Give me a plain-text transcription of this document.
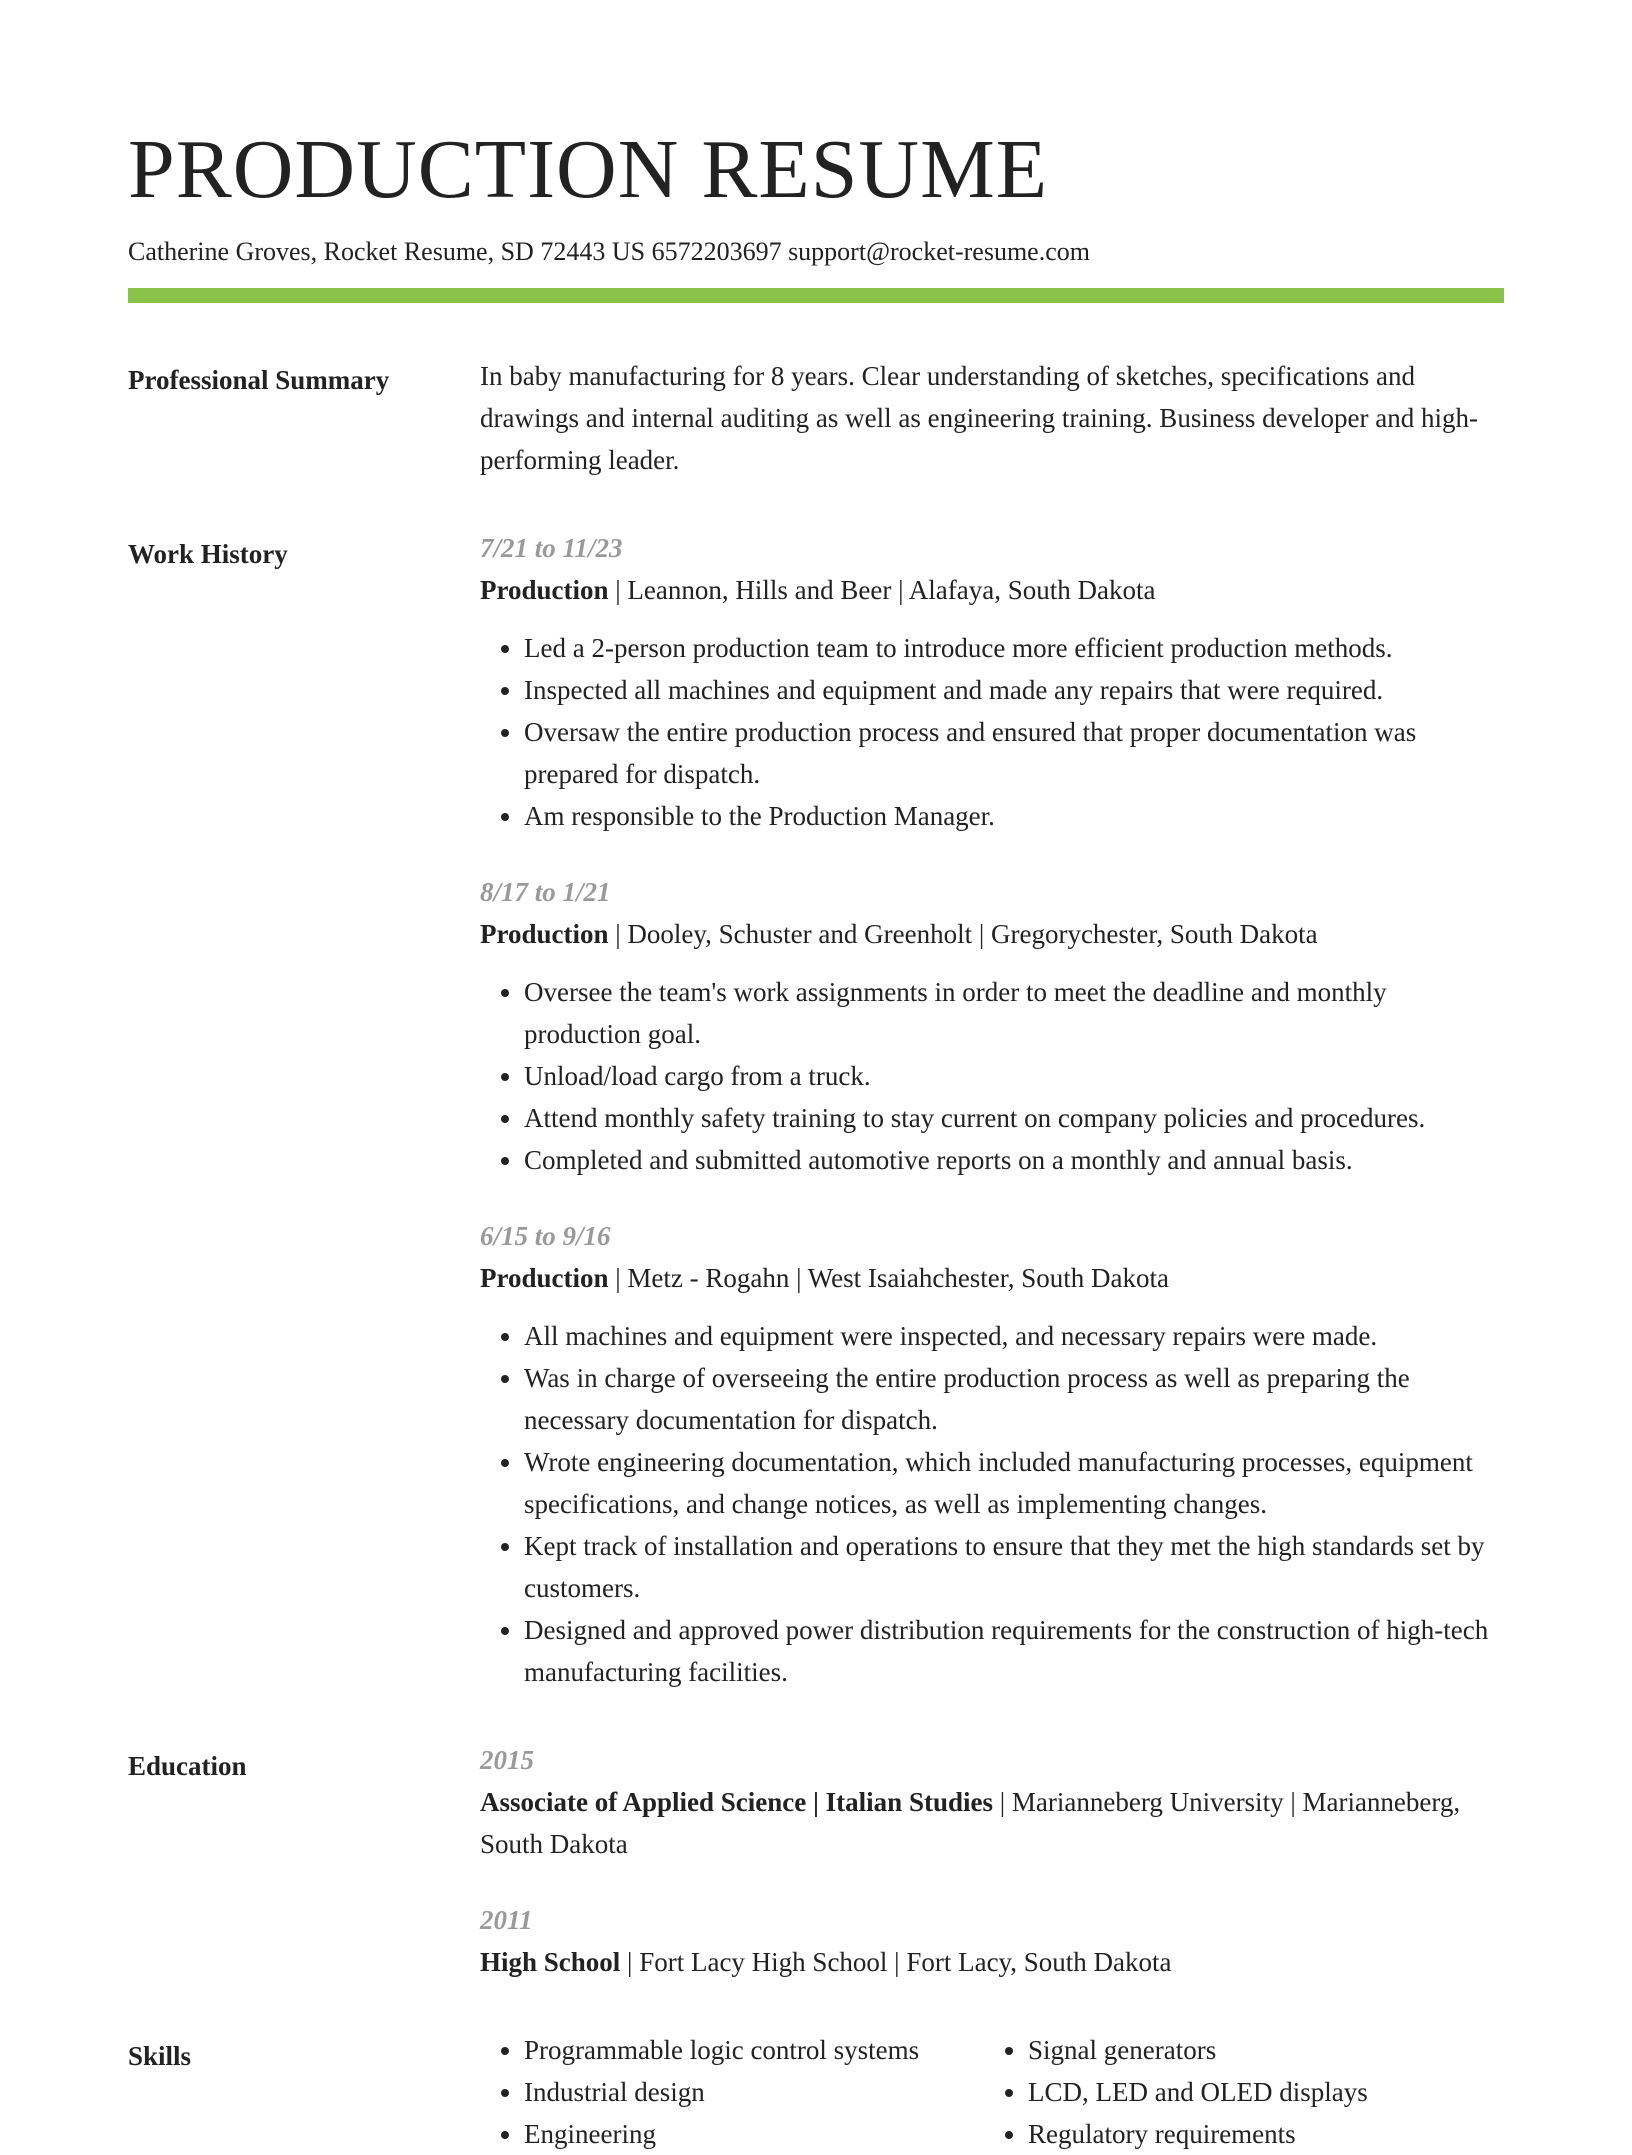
PRODUCTION RESUME
Catherine Groves, Rocket Resume, SD 72443 US 6572203697 support@rocket-resume.com
Professional Summary	In baby manufacturing for 8 years. Clear understanding of sketches, specifications and drawings and internal auditing as well as engineering training. Business developer and high-performing leader.

Work History	7/21 to 11/23
Production | Leannon, Hills and Beer | Alafaya, South Dakota
• Led a 2-person production team to introduce more efficient production methods.
• Inspected all machines and equipment and made any repairs that were required.
• Oversaw the entire production process and ensured that proper documentation was prepared for dispatch.
• Am responsible to the Production Manager.
8/17 to 1/21
Production | Dooley, Schuster and Greenholt | Gregorychester, South Dakota
• Oversee the team's work assignments in order to meet the deadline and monthly production goal.
• Unload/load cargo from a truck.
• Attend monthly safety training to stay current on company policies and procedures.
• Completed and submitted automotive reports on a monthly and annual basis.
6/15 to 9/16
Production | Metz - Rogahn | West Isaiahchester, South Dakota
• All machines and equipment were inspected, and necessary repairs were made.
• Was in charge of overseeing the entire production process as well as preparing the necessary documentation for dispatch.
• Wrote engineering documentation, which included manufacturing processes, equipment specifications, and change notices, as well as implementing changes.
• Kept track of installation and operations to ensure that they met the high standards set by customers.
• Designed and approved power distribution requirements for the construction of high-tech manufacturing facilities.
Education	2015
Associate of Applied Science | Italian Studies | Marianneberg University | Marianneberg, South Dakota
2011
High School | Fort Lacy High School | Fort Lacy, South Dakota
Skills
•	Programmable logic control systems
• Industrial design
• Engineering
• Signal generators
• LCD, LED and OLED displays
• Regulatory requirements
